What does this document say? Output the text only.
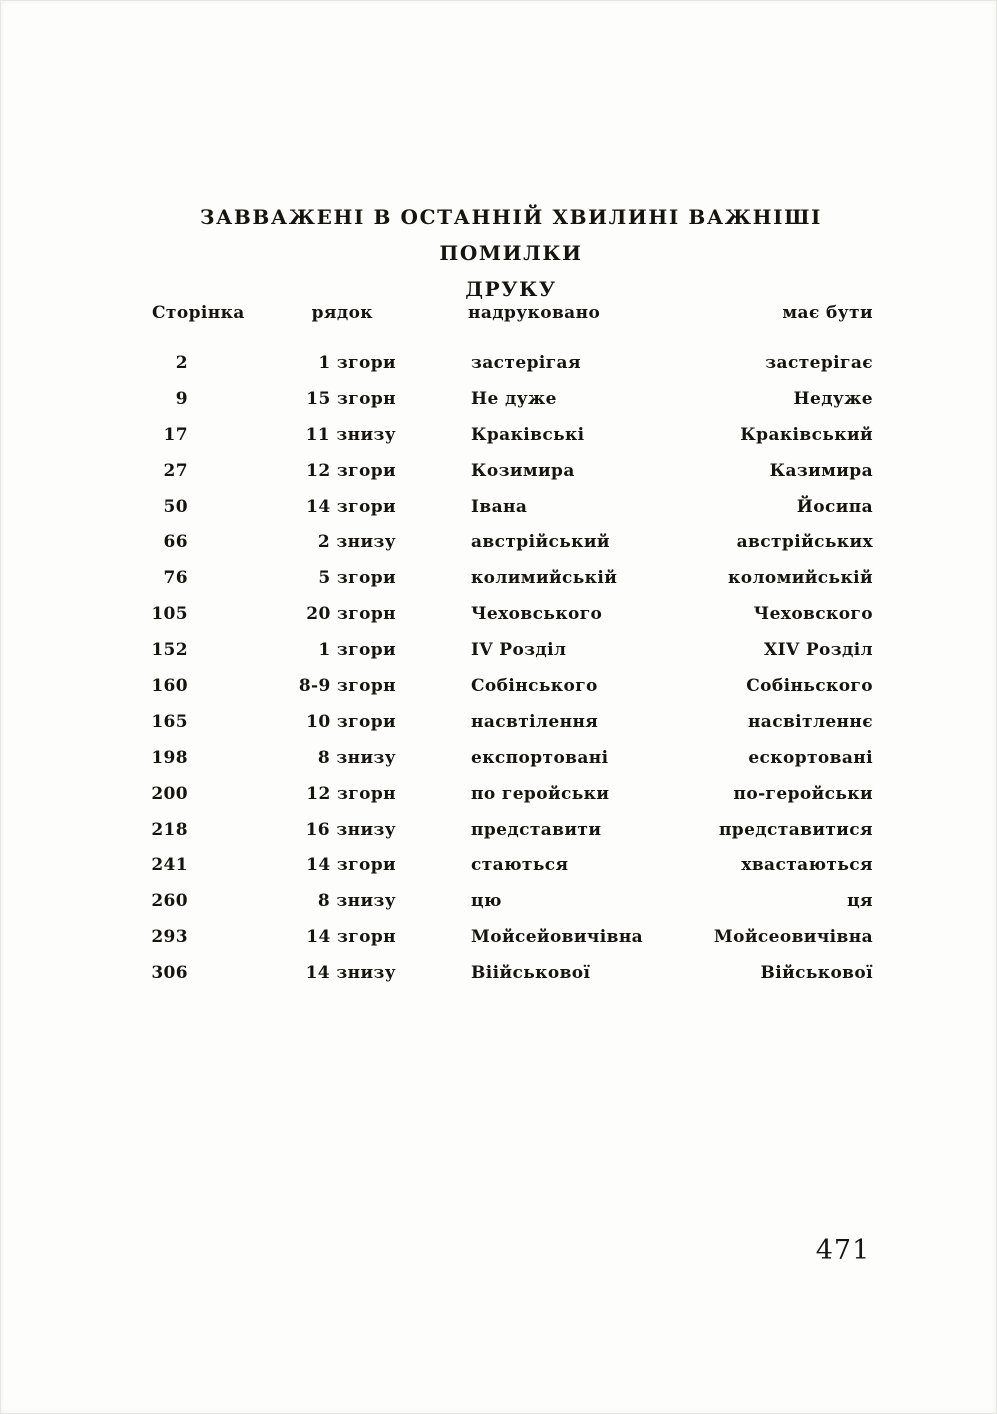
ЗАВВАЖЕНІ В ОСТАННІЙ ХВИЛИНІ ВАЖНІШІ ПОМИЛКИ
ДРУКУ
Сторінка	рядок	надруковано	має бути
2	1 згори	застерігая	застерігає
9	15 згорн	Не дуже	Недуже
17	11 знизу	Краківські	Краківський
27	12 згори	Козимира	Казимира
50	14 згори	Івана	Йосипа
66	2 знизу	австрійський	австрійських
76	5 згори	колимийській	коломийській
105	20 згорн	Чеховського	Чеховского
152	1 згори	IV Розділ	XIV Розділ
160	8-9 згорн	Собінського	Собіньского
165	10 згори	насвтілення	насвітленнє
198	8 знизу	експортовані	ескортовані
200	12 згорн	по геройськи	по-геройськи
218	16 знизу	представити	представитися
241	14 згори	стаються	хвастаються
260	8 знизу	цю	ця
293	14 згорн	Мойсейовичівна	Мойсеовичівна
306	14 знизу	Віійськової	Військової
471
